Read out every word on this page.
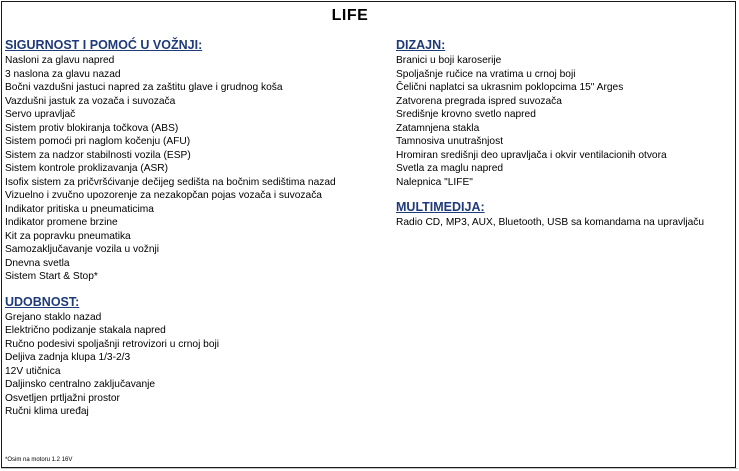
LIFE
SIGURNOST I POMOĆ U VOŽNJI:
Nasloni za glavu napred
3 naslona za glavu nazad
Bočni vazdušni jastuci napred za zaštitu glave i grudnog koša
Vazdušni jastuk za vozača i suvozača
Servo upravljač
Sistem protiv blokiranja točkova (ABS)
Sistem pomoći pri naglom kočenju (AFU)
Sistem za nadzor stabilnosti vozila (ESP)
Sistem kontrole proklizavanja (ASR)
Isofix sistem za pričvršćivanje dečijeg sedišta na bočnim sedištima nazad
Vizuelno i zvučno upozorenje za nezakopčan pojas vozača i suvozača
Indikator pritiska u pneumaticima
Indikator promene brzine
Kit za popravku pneumatika
Samozaključavanje vozila u vožnji
Dnevna svetla
Sistem Start & Stop*
UDOBNOST:
Grejano staklo nazad
Električno podizanje stakala napred
Ručno podesivi spoljašnji retrovizori u crnoj boji
Deljiva zadnja klupa 1/3-2/3
12V utičnica
Daljinsko centralno zaključavanje
Osvetljen prtljažni prostor
Ručni klima uređaj
DIZAJN:
Branici u boji karoserije
Spoljašnje ručice na vratima u crnoj boji
Čelični naplatci sa ukrasnim poklopcima 15" Arges
Zatvorena pregrada ispred suvozača
Središnje krovno svetlo napred
Zatamnjena stakla
Tamnosiva unutrašnjost
Hromiran središnji deo upravljača i okvir ventilacionih otvora
Svetla za maglu napred
Nalepnica "LIFE"
MULTIMEDIJA:
Radio CD, MP3, AUX, Bluetooth, USB sa komandama na upravljaču
*Osim na motoru 1.2 16V
